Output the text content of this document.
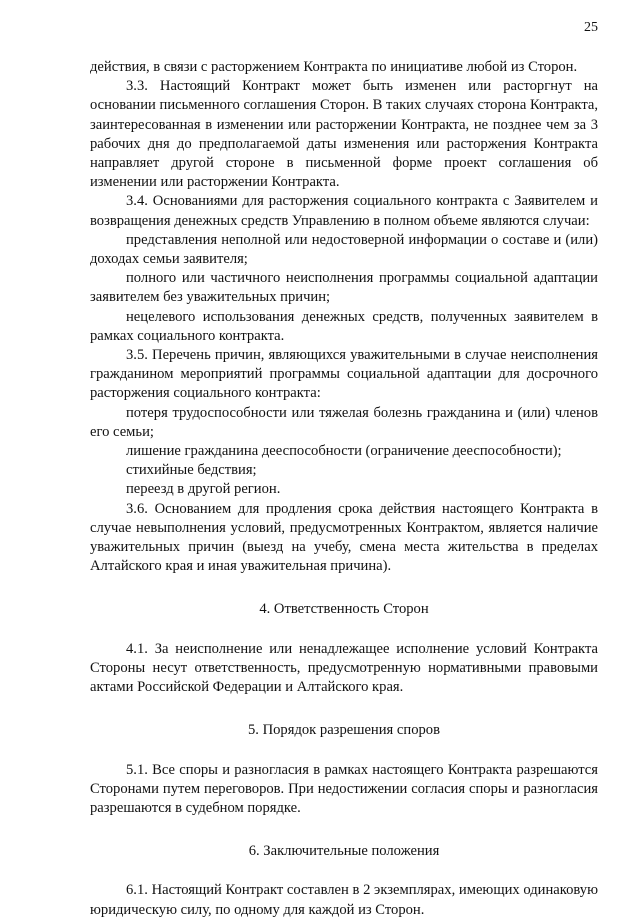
25

действия, в связи с расторжением Контракта по инициативе любой из Сторон.

3.3. Настоящий Контракт может быть изменен или расторгнут на основании письменного соглашения Сторон. В таких случаях сторона Контракта, заинтересованная в изменении или расторжении Контракта, не позднее чем за 3 рабочих дня до предполагаемой даты изменения или расторжения Контракта направляет другой стороне в письменной форме проект соглашения об изменении или расторжении Контракта.

3.4. Основаниями для расторжения социального контракта с Заявителем и возвращения денежных средств Управлению в полном объеме являются случаи:

представления неполной или недостоверной информации о составе и (или) доходах семьи заявителя;

полного или частичного неисполнения программы социальной адаптации заявителем без уважительных причин;

нецелевого использования денежных средств, полученных заявителем в рамках социального контракта.

3.5. Перечень причин, являющихся уважительными в случае неисполнения гражданином мероприятий программы социальной адаптации для досрочного расторжения социального контракта:

потеря трудоспособности или тяжелая болезнь гражданина и (или) членов его семьи;

лишение гражданина дееспособности (ограничение дееспособности);

стихийные бедствия;

переезд в другой регион.

3.6. Основанием для продления срока действия настоящего Контракта в случае невыполнения условий, предусмотренных Контрактом, является наличие уважительных причин (выезд на учебу, смена места жительства в пределах Алтайского края и иная уважительная причина).

4. Ответственность Сторон

4.1. За неисполнение или ненадлежащее исполнение условий Контракта Стороны несут ответственность, предусмотренную нормативными правовыми актами Российской Федерации и Алтайского края.

5. Порядок разрешения споров

5.1. Все споры и разногласия в рамках настоящего Контракта разрешаются Сторонами путем переговоров. При недостижении согласия споры и разногласия разрешаются в судебном порядке.

6. Заключительные положения

6.1. Настоящий Контракт составлен в 2 экземплярах, имеющих одинаковую юридическую силу, по одному для каждой из Сторон.
